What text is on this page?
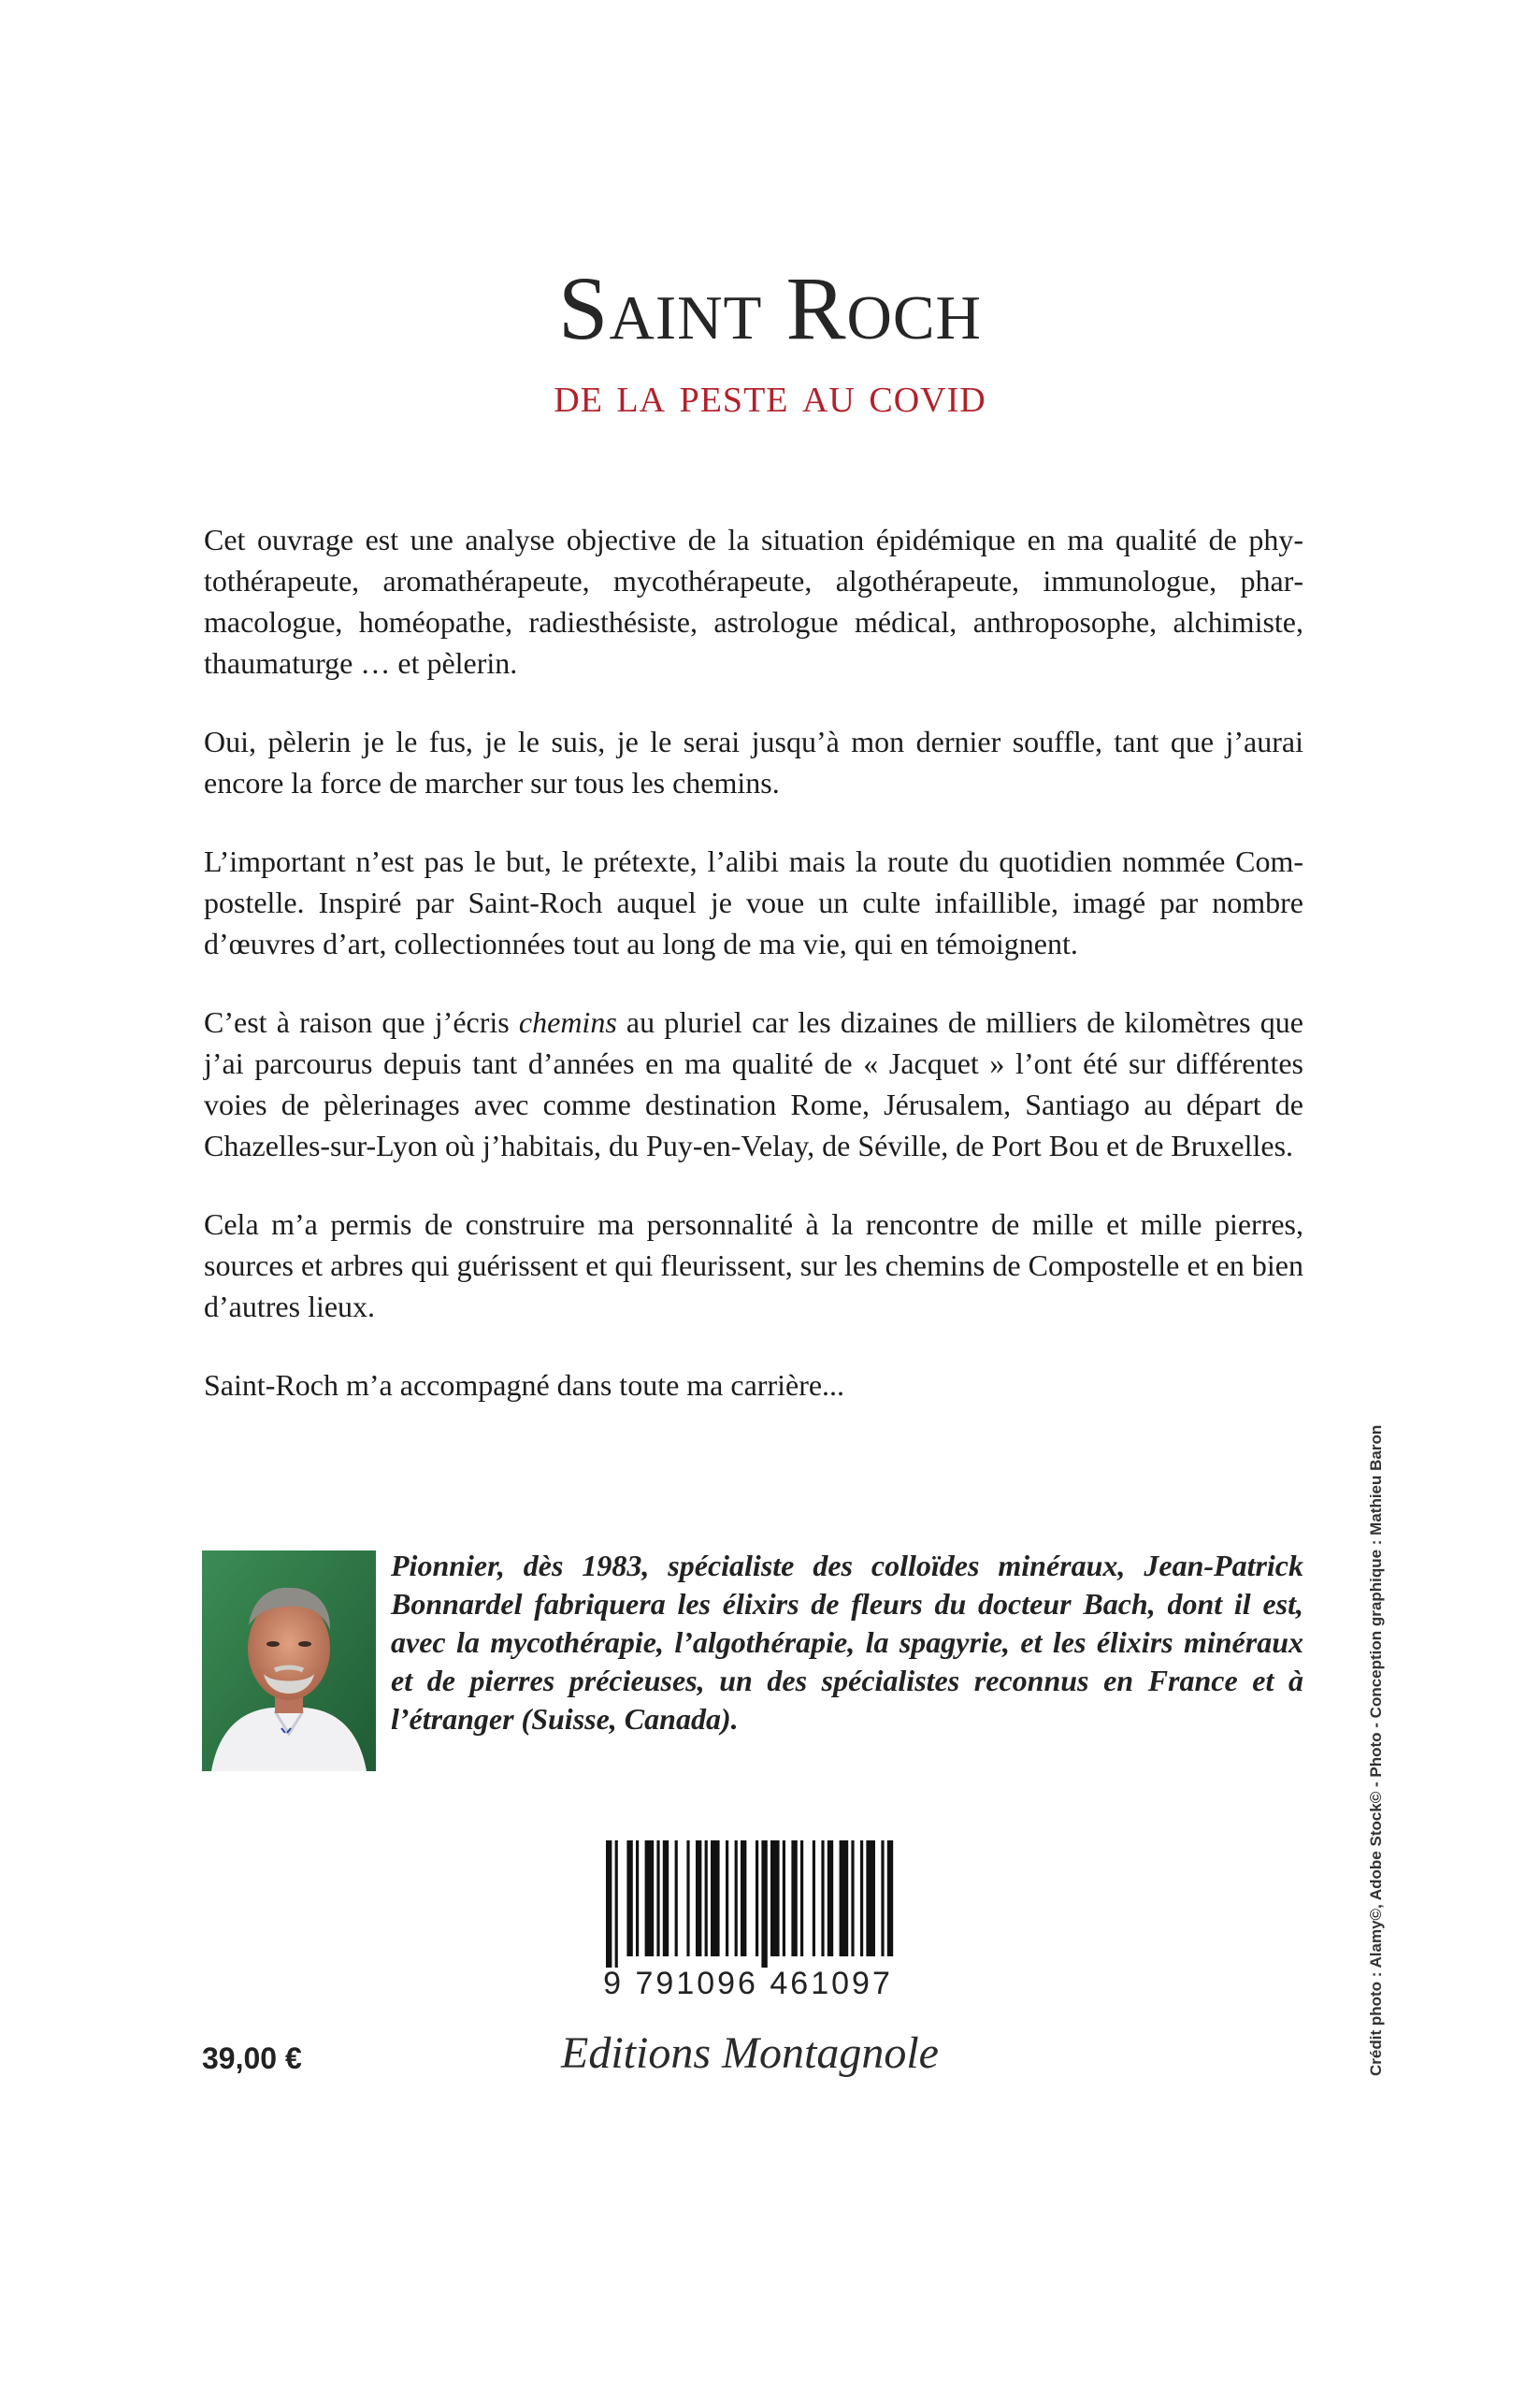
Saint Roch
de la peste au covid

Cet ouvrage est une analyse objective de la situation épidémique en ma qualité de phytothérapeute, aromathérapeute, mycothérapeute, algothérapeute, immunologue, pharmacologue, homéopathe, radiesthésiste, astrologue médical, anthroposophe, alchimiste, thaumaturge … et pèlerin.

Oui, pèlerin je le fus, je le suis, je le serai jusqu’à mon dernier souffle, tant que j’aurai encore la force de marcher sur tous les chemins.

L’important n’est pas le but, le prétexte, l’alibi mais la route du quotidien nommée Compostelle. Inspiré par Saint-Roch auquel je voue un culte infaillible, imagé par nombre d’œuvres d’art, collectionnées tout au long de ma vie, qui en témoignent.

C’est à raison que j’écris chemins au pluriel car les dizaines de milliers de kilomètres que j’ai parcourus depuis tant d’années en ma qualité de « Jacquet » l’ont été sur différentes voies de pèlerinages avec comme destination Rome, Jérusalem, Santiago au départ de Chazelles-sur-Lyon où j’habitais, du Puy-en-Velay, de Séville, de Port Bou et de Bruxelles.

Cela m’a permis de construire ma personnalité à la rencontre de mille et mille pierres, sources et arbres qui guérissent et qui fleurissent, sur les chemins de Compostelle et en bien d’autres lieux.

Saint-Roch m’a accompagné dans toute ma carrière...

Pionnier, dès 1983, spécialiste des colloïdes minéraux, Jean-Patrick Bonnardel fabriquera les élixirs de fleurs du docteur Bach, dont il est, avec la mycothérapie, l’algothérapie, la spagyrie, et les élixirs minéraux et de pierres précieuses, un des spécialistes reconnus en France et à l’étranger (Suisse, Canada).
9 791096 461097
39,00 €	Editions Montagnole	Crédit photo : Alamy©, Adobe Stock© - Photo - Conception graphique : Mathieu Baron
